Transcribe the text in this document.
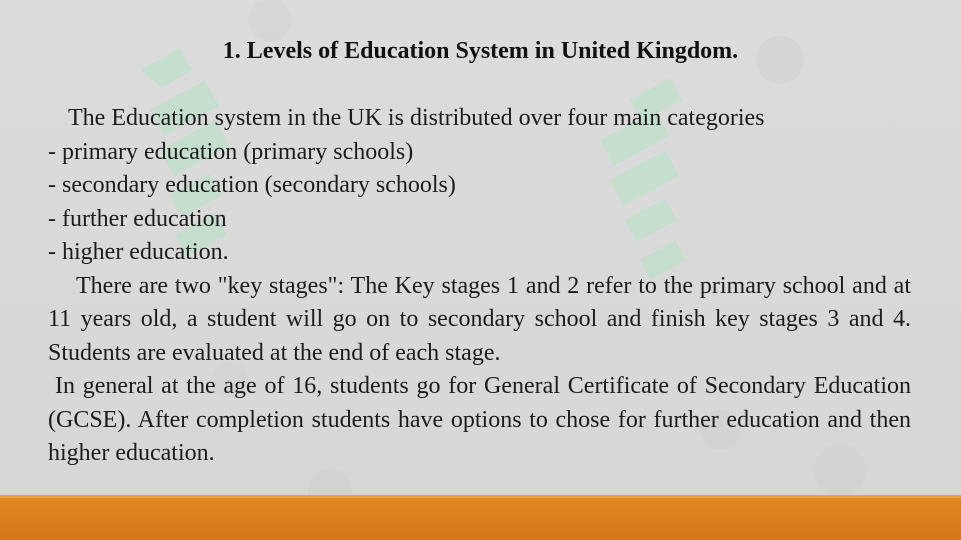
1. Levels of Education System in United Kingdom.

The Education system in the UK is distributed over four main categories

- primary education (primary schools)

- secondary education (secondary schools)

- further education

- higher education.

There are two "key stages": The Key stages 1 and 2 refer to the primary school and at 11 years old, a student will go on to secondary school and finish key stages 3 and 4. Students are evaluated at the end of each stage.

In general at the age of 16, students go for General Certificate of Secondary Education (GCSE). After completion students have options to chose for further education and then higher education.
